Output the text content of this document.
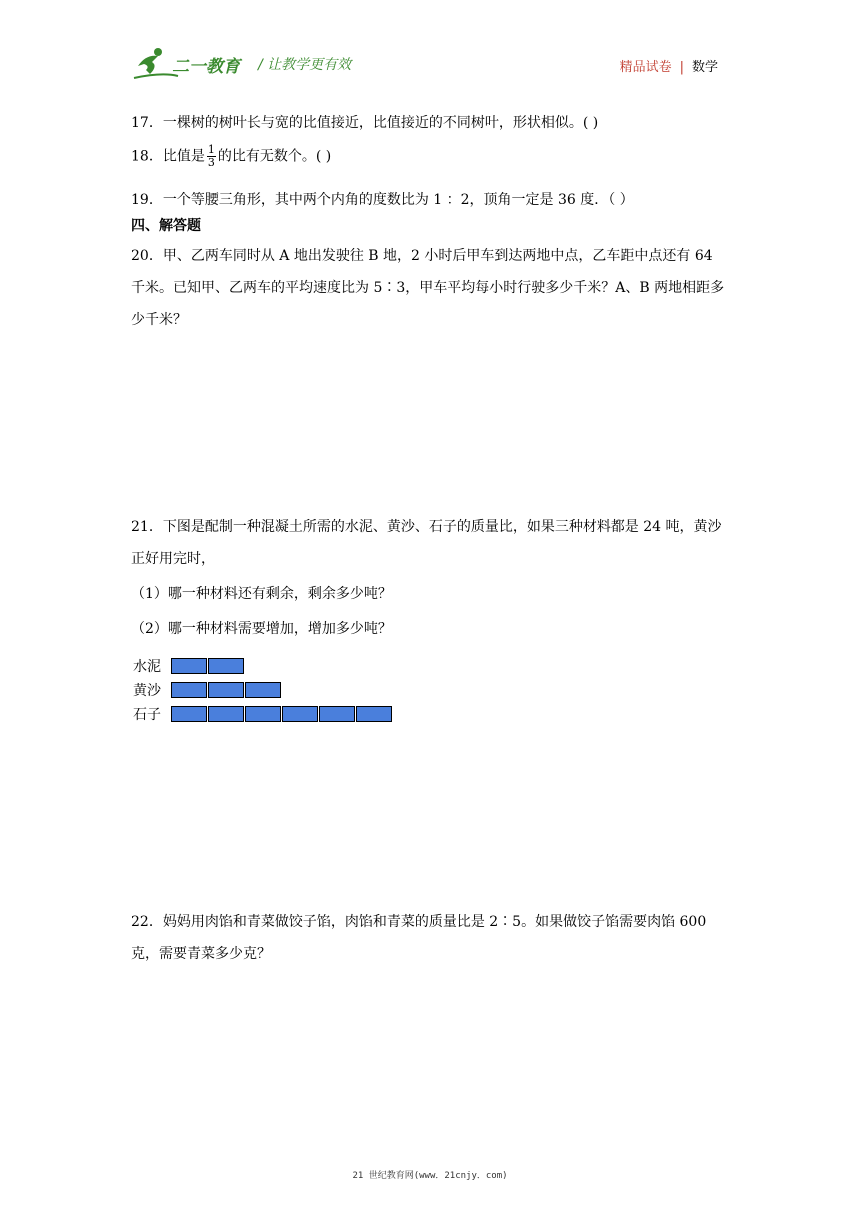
二一教育 / 让教学更有效	精品试卷 | 数学
17．一棵树的树叶长与宽的比值接近，比值接近的不同树叶，形状相似。( )
18．比值是 $\frac{1}{3}$ 的比有无数个。( )
19．一个等腰三角形，其中两个内角的度数比为 1 ：2，顶角一定是 36 度．（ ）
四、解答题
20．甲、乙两车同时从 A 地出发驶往 B 地，2 小时后甲车到达两地中点，乙车距中点还有 64 千米。已知甲、乙两车的平均速度比为 5∶3，甲车平均每小时行驶多少千米？A、B 两地相距多少千米？
21．下图是配制一种混凝土所需的水泥、黄沙、石子的质量比，如果三种材料都是 24 吨，黄沙正好用完时，
（1）哪一种材料还有剩余，剩余多少吨？
（2）哪一种材料需要增加，增加多少吨？
水泥
黄沙
石子
22．妈妈用肉馅和青菜做饺子馅，肉馅和青菜的质量比是 2∶5。如果做饺子馅需要肉馅 600 克，需要青菜多少克？
21 世纪教育网(www．21cnjy．com)
